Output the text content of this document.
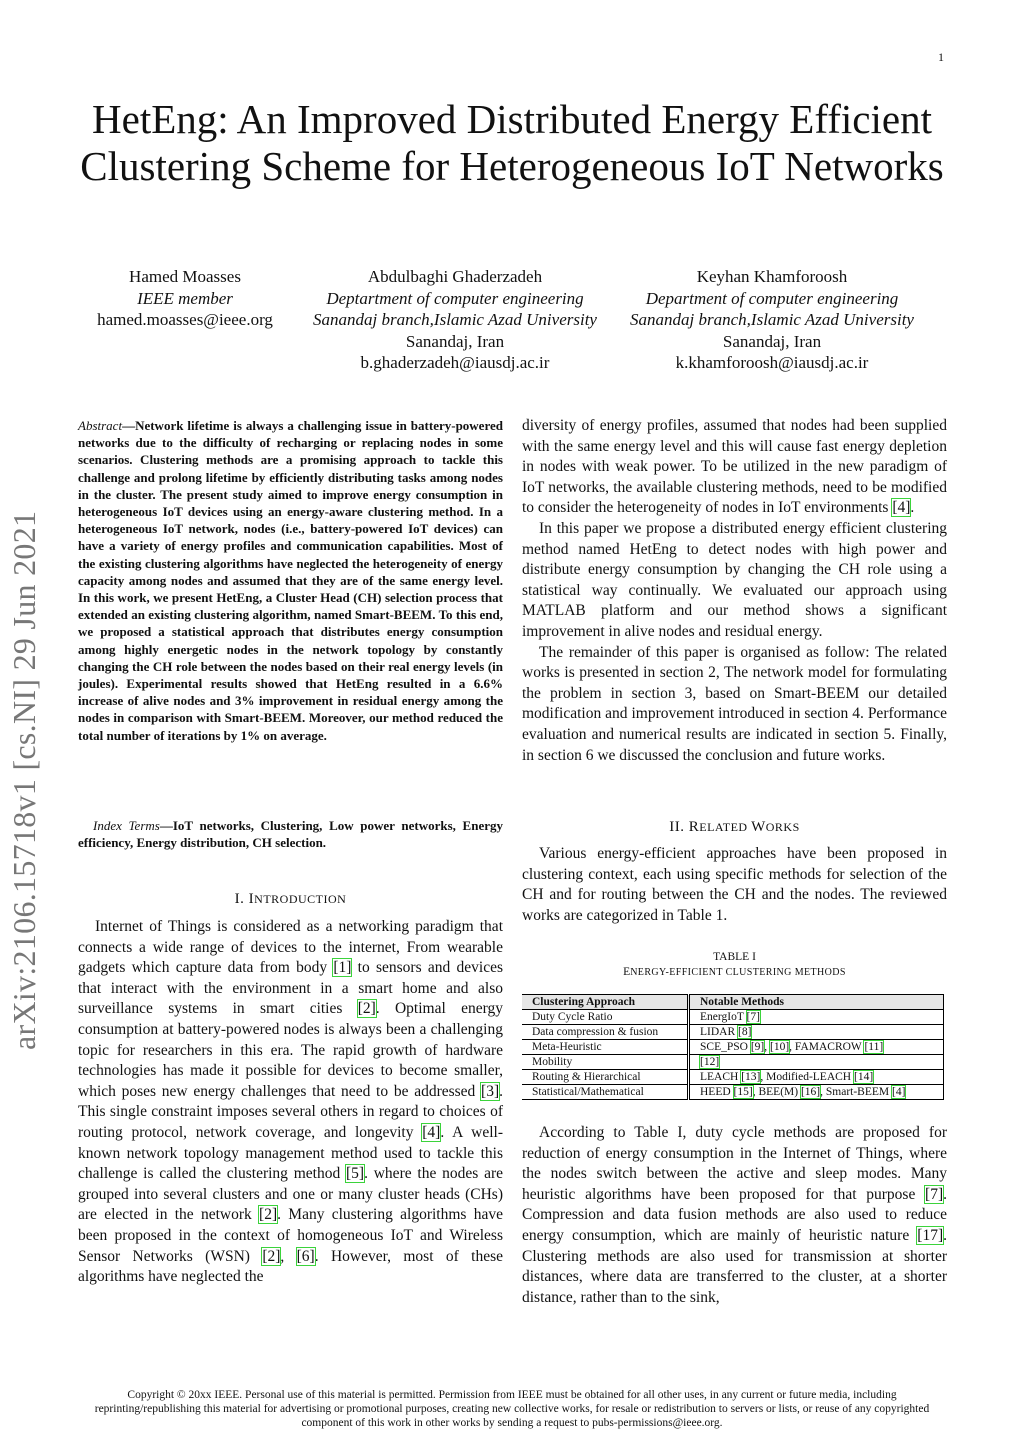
1
arXiv:2106.15718v1 [cs.NI] 29 Jun 2021
HetEng: An Improved Distributed Energy Efficient Clustering Scheme for Heterogeneous IoT Networks
Hamed Moasses
IEEE member
hamed.moasses@ieee.org
Abdulbaghi Ghaderzadeh
Deptartment of computer engineering
Sanandaj branch,Islamic Azad University
Sanandaj, Iran
b.ghaderzadeh@iausdj.ac.ir
Keyhan Khamforoosh
Department of computer engineering
Sanandaj branch,Islamic Azad University
Sanandaj, Iran
k.khamforoosh@iausdj.ac.ir
Abstract—Network lifetime is always a challenging issue in battery-powered networks due to the difficulty of recharging or replacing nodes in some scenarios. Clustering methods are a promising approach to tackle this challenge and prolong lifetime by efficiently distributing tasks among nodes in the cluster. The present study aimed to improve energy consumption in heterogeneous IoT devices using an energy-aware clustering method. In a heterogeneous IoT network, nodes (i.e., battery-powered IoT devices) can have a variety of energy profiles and communication capabilities. Most of the existing clustering algorithms have neglected the heterogeneity of energy capacity among nodes and assumed that they are of the same energy level. In this work, we present HetEng, a Cluster Head (CH) selection process that extended an existing clustering algorithm, named Smart-BEEM. To this end, we proposed a statistical approach that distributes energy consumption among highly energetic nodes in the network topology by constantly changing the CH role between the nodes based on their real energy levels (in joules). Experimental results showed that HetEng resulted in a 6.6% increase of alive nodes and 3% improvement in residual energy among the nodes in comparison with Smart-BEEM. Moreover, our method reduced the total number of iterations by 1% on average.
Index Terms—IoT networks, Clustering, Low power networks, Energy efficiency, Energy distribution, CH selection.
I. INTRODUCTION

Internet of Things is considered as a networking paradigm that connects a wide range of devices to the internet, From wearable gadgets which capture data from body [1] to sensors and devices that interact with the environment in a smart home and also surveillance systems in smart cities [2]. Optimal energy consumption at battery-powered nodes is always been a challenging topic for researchers in this era. The rapid growth of hardware technologies has made it possible for devices to become smaller, which poses new energy challenges that need to be addressed [3]. This single constraint imposes several others in regard to choices of routing protocol, network coverage, and longevity [4]. A well-known network topology management method used to tackle this challenge is called the clustering method [5]. where the nodes are grouped into several clusters and one or many cluster heads (CHs) are elected in the network [2]. Many clustering algorithms have been proposed in the context of homogeneous IoT and Wireless Sensor Networks (WSN) [2], [6]. However, most of these algorithms have neglected the

diversity of energy profiles, assumed that nodes had been supplied with the same energy level and this will cause fast energy depletion in nodes with weak power. To be utilized in the new paradigm of IoT networks, the available clustering methods, need to be modified to consider the heterogeneity of nodes in IoT environments [4].

In this paper we propose a distributed energy efficient clustering method named HetEng to detect nodes with high power and distribute energy consumption by changing the CH role using a statistical way continually. We evaluated our approach using MATLAB platform and our method shows a significant improvement in alive nodes and residual energy.

The remainder of this paper is organised as follow: The related works is presented in section 2, The network model for formulating the problem in section 3, based on Smart-BEEM our detailed modification and improvement introduced in section 4. Performance evaluation and numerical results are indicated in section 5. Finally, in section 6 we discussed the conclusion and future works.

II. RELATED WORKS

Various energy-efficient approaches have been proposed in clustering context, each using specific methods for selection of the CH and for routing between the CH and the nodes. The reviewed works are categorized in Table 1.

TABLE I
ENERGY-EFFICIENT CLUSTERING METHODS
Clustering Approach	Notable Methods
Duty Cycle Ratio	EnergIoT [7]
Data compression & fusion	LIDAR [8]
Meta-Heuristic	SCE_PSO [9], [10], FAMACROW [11]
Mobility	[12]
Routing & Hierarchical	LEACH [13], Modified-LEACH [14]
Statistical/Mathematical	HEED [15], BEE(M) [16], Smart-BEEM [4]

According to Table I, duty cycle methods are proposed for reduction of energy consumption in the Internet of Things, where the nodes switch between the active and sleep modes. Many heuristic algorithms have been proposed for that purpose [7]. Compression and data fusion methods are also used to reduce energy consumption, which are mainly of heuristic nature [17]. Clustering methods are also used for transmission at shorter distances, where data are transferred to the cluster, at a shorter distance, rather than to the sink,

Copyright © 20xx IEEE. Personal use of this material is permitted. Permission from IEEE must be obtained for all other uses, in any current or future media, including reprinting/republishing this material for advertising or promotional purposes, creating new collective works, for resale or redistribution to servers or lists, or reuse of any copyrighted component of this work in other works by sending a request to pubs-permissions@ieee.org.
